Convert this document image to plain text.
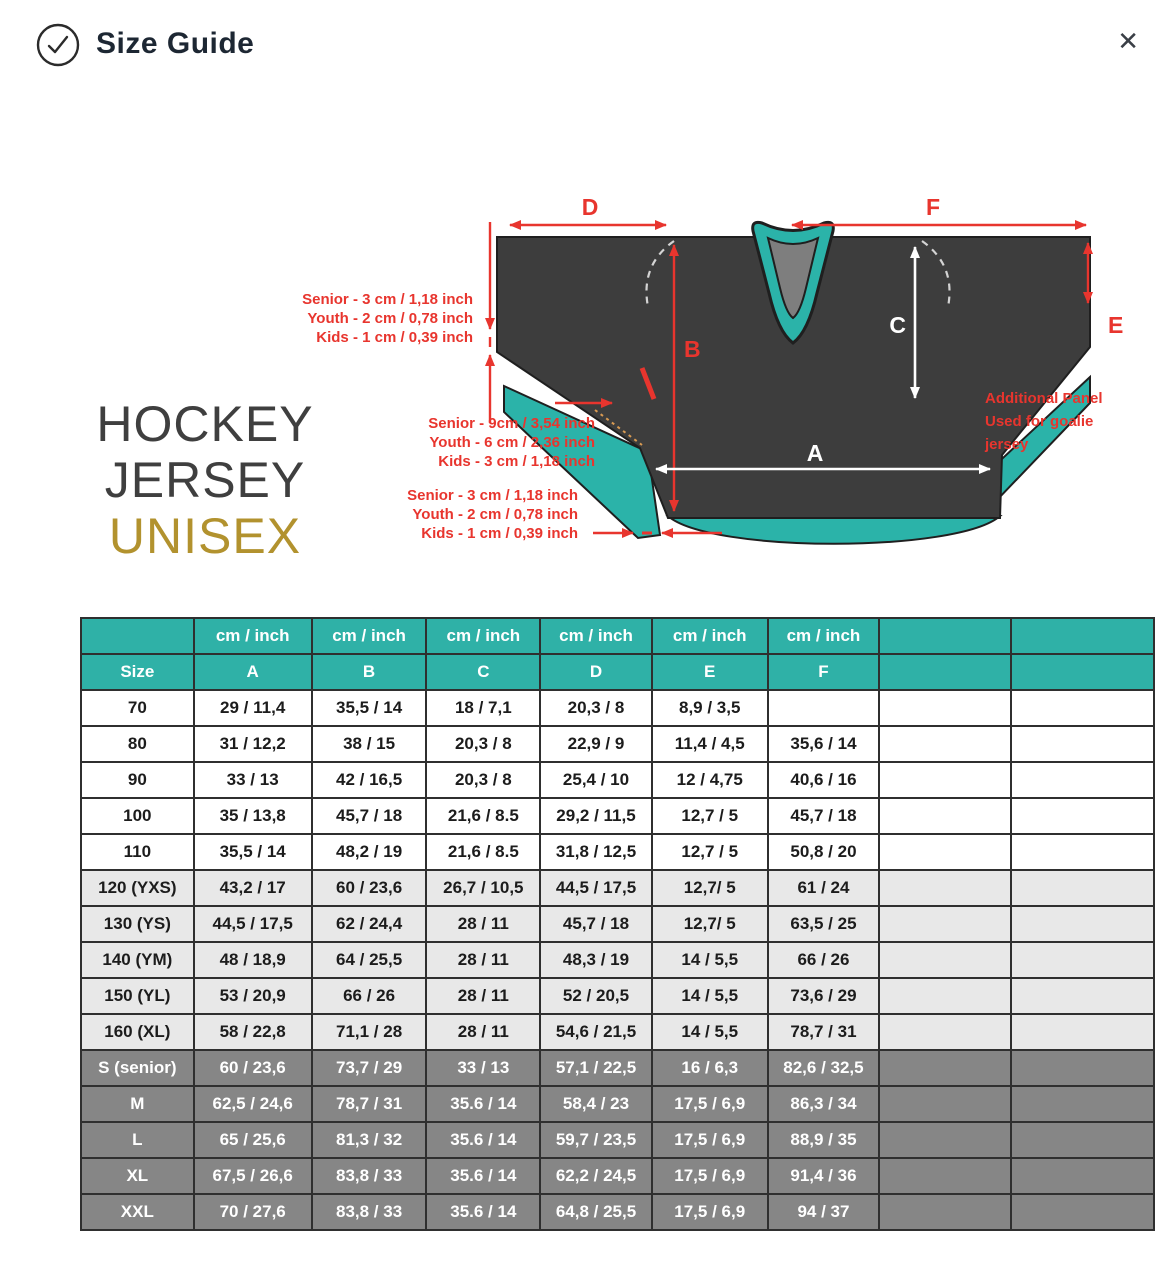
Size Guide	✕
HOCKEY
JERSEY
UNISEX
D	F
E
B
C
A
Senior - 3 cm / 1,18 inch
Youth - 2 cm / 0,78 inch
Kids - 1 cm / 0,39 inch
Senior - 9cm / 3,54 inch
Youth - 6 cm / 2,36 inch
Kids - 3 cm / 1,18 inch
Senior - 3 cm / 1,18 inch
Youth - 2 cm / 0,78 inch
Kids - 1 cm / 0,39 inch
Additional Panel
Used for goalie
jersey
	cm / inch	cm / inch	cm / inch	cm / inch	cm / inch	cm / inch		
Size	A	B	C	D	E	F		
70	29 / 11,4	35,5 / 14	18 / 7,1	20,3 / 8	8,9 / 3,5			
80	31 / 12,2	38 / 15	20,3 / 8	22,9 / 9	11,4 / 4,5	35,6 / 14		
90	33 / 13	42 / 16,5	20,3 / 8	25,4 / 10	12 / 4,75	40,6 / 16		
100	35 / 13,8	45,7 / 18	21,6 / 8.5	29,2 / 11,5	12,7 / 5	45,7 / 18		
110	35,5 / 14	48,2 / 19	21,6 / 8.5	31,8 / 12,5	12,7 / 5	50,8 / 20		
120 (YXS)	43,2 / 17	60 / 23,6	26,7 / 10,5	44,5 / 17,5	12,7/ 5	61 / 24		
130 (YS)	44,5 / 17,5	62 / 24,4	28 / 11	45,7 / 18	12,7/ 5	63,5 / 25		
140 (YM)	48 / 18,9	64 / 25,5	28 / 11	48,3 / 19	14 / 5,5	66 / 26		
150 (YL)	53 / 20,9	66 / 26	28 / 11	52 / 20,5	14 / 5,5	73,6 / 29		
160 (XL)	58 / 22,8	71,1 / 28	28 / 11	54,6 / 21,5	14 / 5,5	78,7 / 31		
S (senior)	60 / 23,6	73,7 / 29	33 / 13	57,1 / 22,5	16 / 6,3	82,6 / 32,5		
M	62,5 / 24,6	78,7 / 31	35.6 / 14	58,4 / 23	17,5 / 6,9	86,3 / 34		
L	65 / 25,6	81,3 / 32	35.6 / 14	59,7 / 23,5	17,5 / 6,9	88,9 / 35		
XL	67,5 / 26,6	83,8 / 33	35.6 / 14	62,2 / 24,5	17,5 / 6,9	91,4 / 36		
XXL	70 / 27,6	83,8 / 33	35.6 / 14	64,8 / 25,5	17,5 / 6,9	94 / 37		
